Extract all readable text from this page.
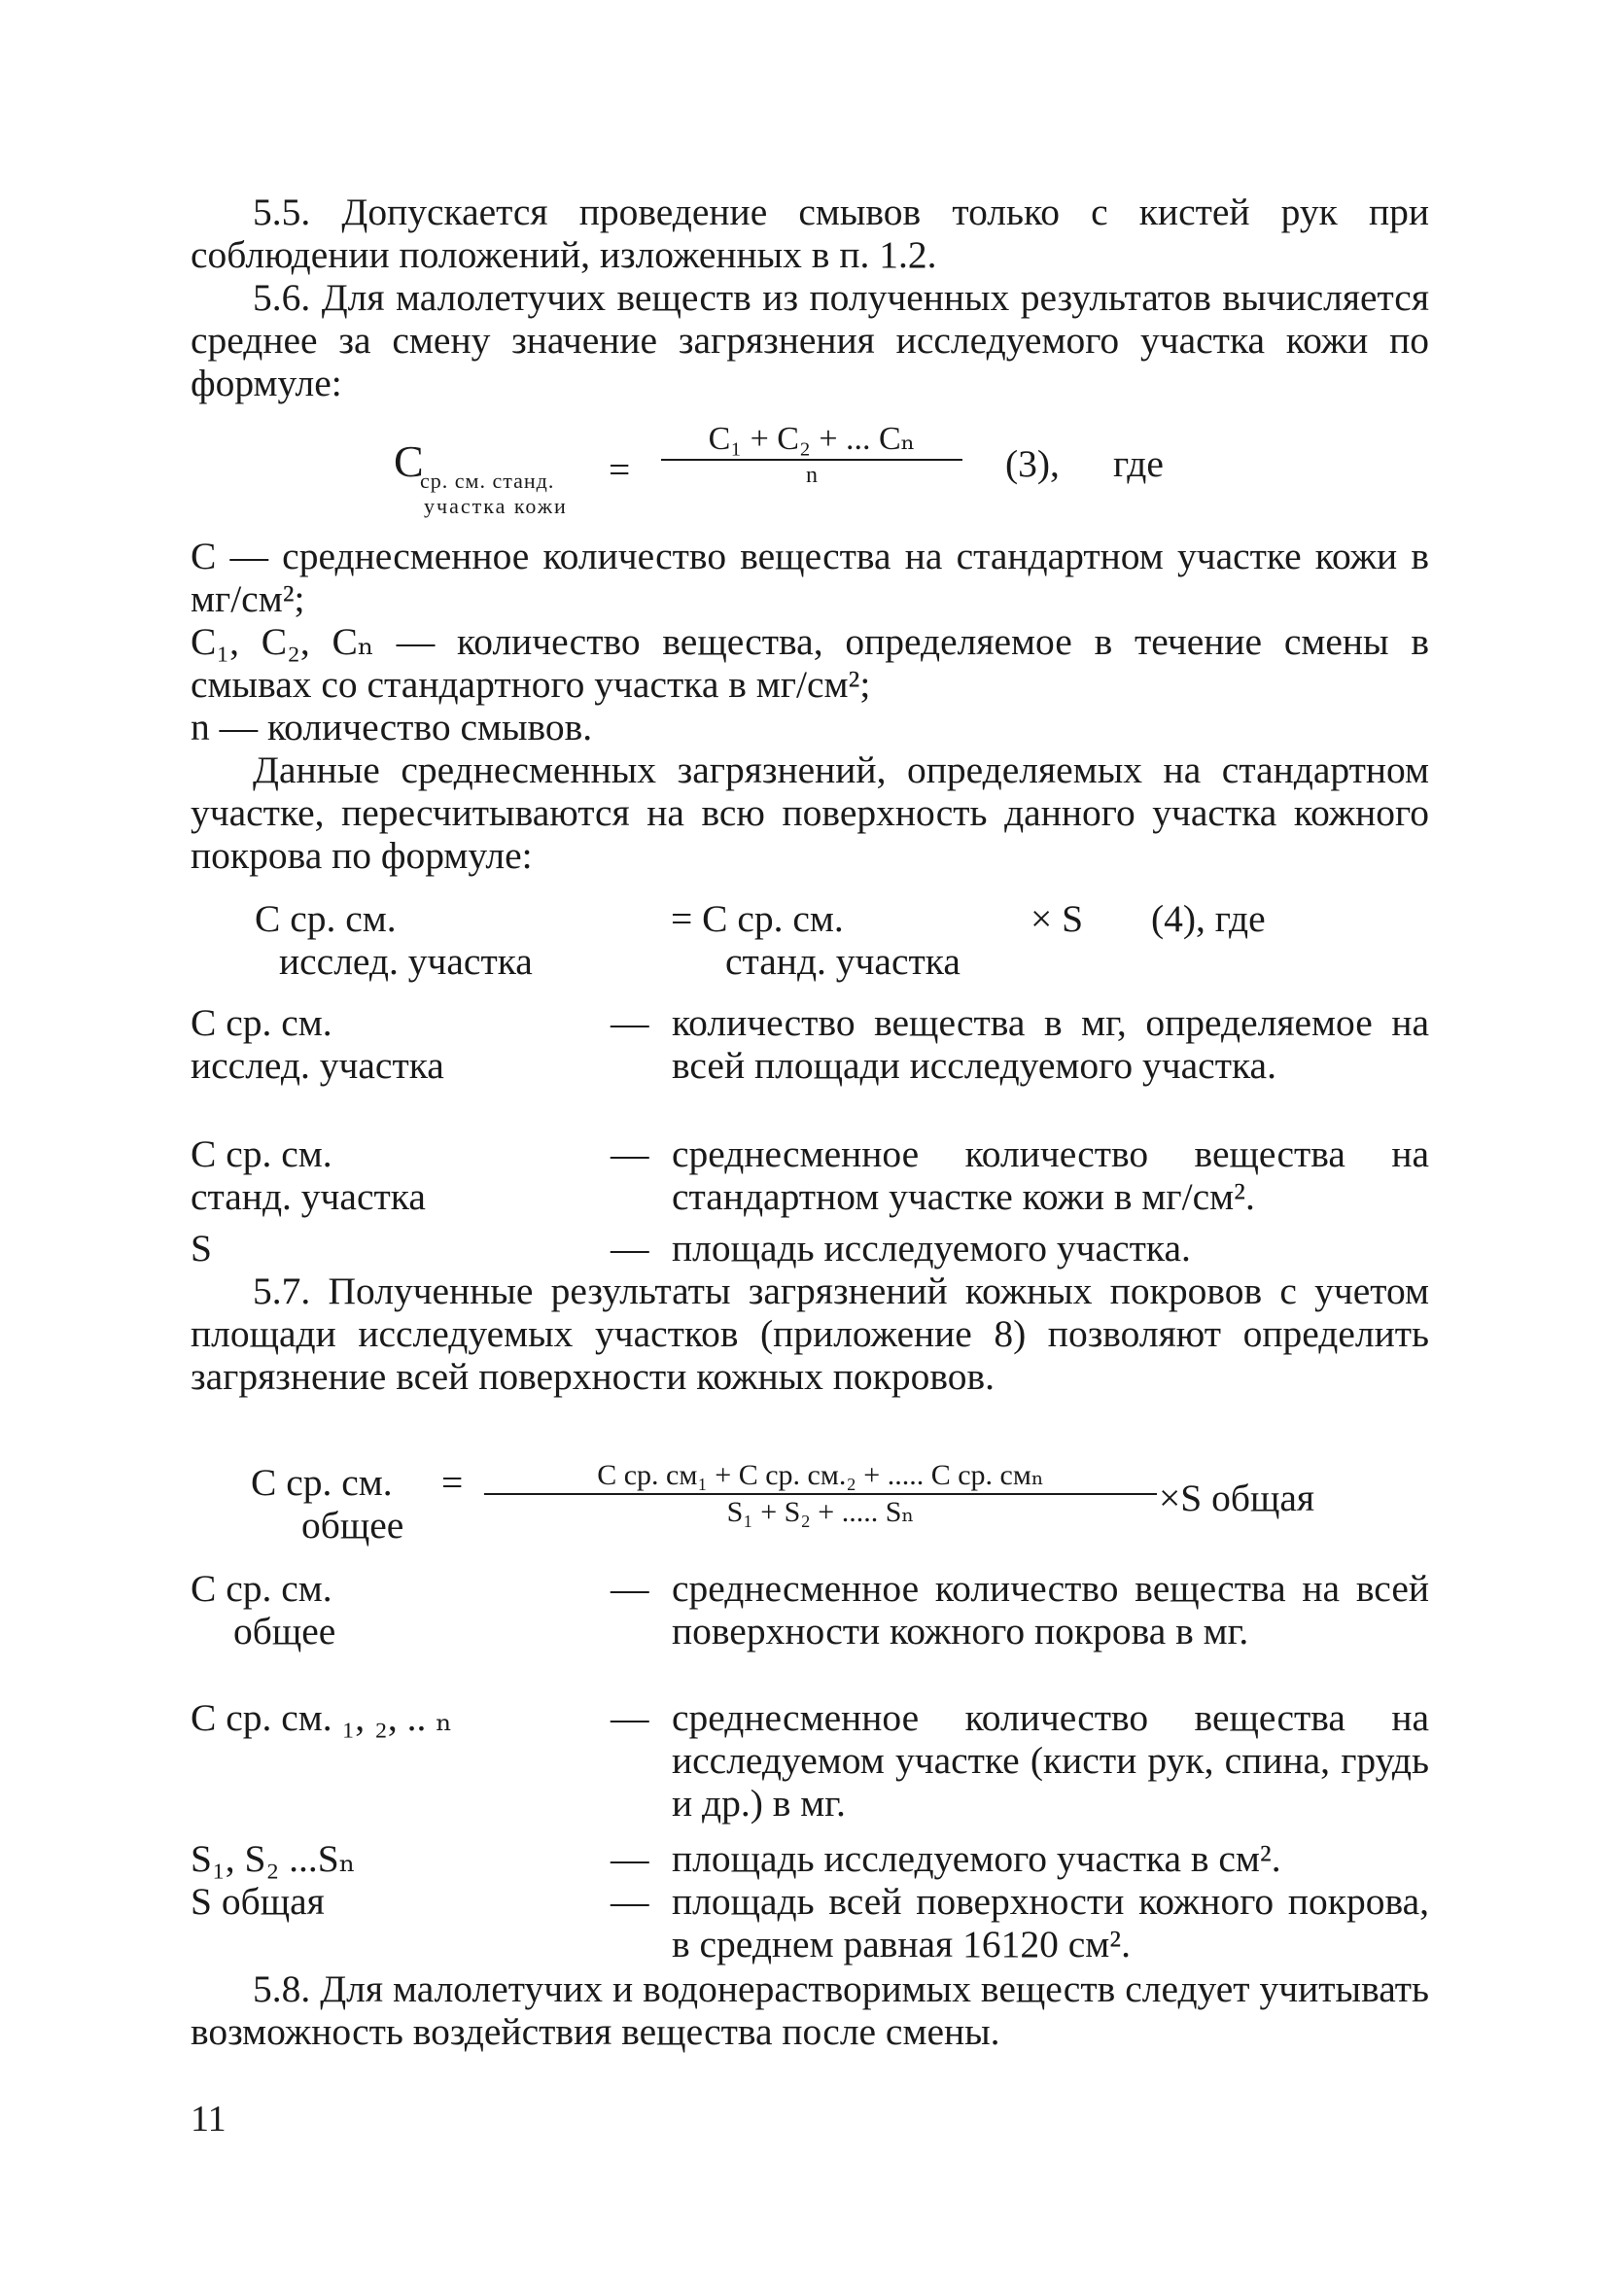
5.5. Допускается проведение смывов только с кистей рук при соблюдении положений, изложенных в п. 1.2.

5.6. Для малолетучих веществ из полученных результатов вычисляется среднее за смену значение загрязнения исследуемого участка кожи по формуле:

C
ср. см. станд.
участка кожи
=
C₁ + C₂ + ... Cₙ
n	(3), где

C — среднесменное количество вещества на стандартном участке кожи в мг/см²;

C₁, C₂, Cₙ — количество вещества, определяемое в течение смены в смывах со стандартного участка в мг/см²;

n — количество смывов.

Данные среднесменных загрязнений, определяемых на стандартном участке, пересчитываются на всю поверхность данного участка кожного покрова по формуле:

C ср. см.
исслед. участка
= C ср. см.
станд. участка
× S (4), где
C ср. см.
исслед. участка
— количество вещества в мг, определяемое на всей площади исследуемого участка.
C ср. см.
станд. участка
— среднесменное количество вещества на стандартном участке кожи в мг/см².
S	— площадь исследуемого участка.

5.7. Полученные результаты загрязнений кожных покровов с учетом площади исследуемых участков (приложение 8) позволяют определить загрязнение всей поверхности кожных покровов.

C ср. см.
общее
=	C ср. см₁ + C ср. см.₂ + ..... C ср. смₙ
S₁ + S₂ + ..... Sₙ	×S общая
C ср. см.
общее
— среднесменное количество вещества на всей поверхности кожного покрова в мг.
C ср. см. ₁, ₂, .. ₙ	— среднесменное количество вещества на исследуемом участке (кисти рук, спина, грудь и др.) в мг.
S₁, S₂ ...Sₙ	— площадь исследуемого участка в см².
S общая	— площадь всей поверхности кожного покрова, в среднем равная 16120 см².

5.8. Для малолетучих и водонерастворимых веществ следует учитывать возможность воздействия вещества после смены.

11
